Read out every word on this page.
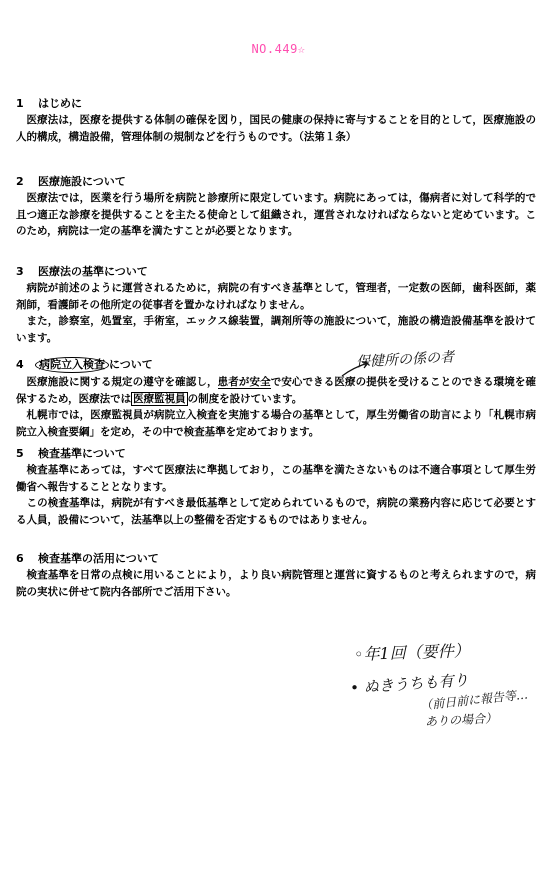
NO.449☆
1	はじめに

医療法は，医療を提供する体制の確保を図り，国民の健康の保持に寄与することを目的として，医療施設の人的構成，構造設備，管理体制の規制などを行うものです。（法第１条）

2	医療施設について

医療法では，医業を行う場所を病院と診療所に限定しています。病院にあっては，傷病者に対して科学的で且つ適正な診療を提供することを主たる使命として組織され，運営されなければならないと定めています。このため，病院は一定の基準を満たすことが必要となります。

3	医療法の基準について

病院が前述のように運営されるために，病院の有すべき基準として，管理者，一定数の医師，歯科医師，薬剤師，看護師その他所定の従事者を置かなければなりません。

また，診察室，処置室，手術室，エックス線装置，調剤所等の施設について，施設の構造設備基準を設けています。

4	病院立入検査 について

医療施設に関する規定の遵守を確認し，患者が安全で安心できる医療の提供を受けることのできる環境を確保するため，医療法では 医療監視員 の制度を設けています。

札幌市では，医療監視員が病院立入検査を実施する場合の基準として，厚生労働省の助言により「札幌市病院立入検査要綱」を定め，その中で検査基準を定めております。

5	検査基準について

検査基準にあっては，すべて医療法に準拠しており，この基準を満たさないものは不適合事項として厚生労働省へ報告することとなります。

この検査基準は，病院が有すべき最低基準として定められているもので，病院の業務内容に応じて必要とする人員，設備について，法基準以上の整備を否定するものではありません。

6	検査基準の活用について

検査基準を日常の点検に用いることにより，より良い病院管理と運営に資するものと考えられますので，病院の実状に併せて院内各部所でご活用下さい。

保健所の係の者
◦年1回（要件）
• ぬきうちも有り
（前日前に報告等…
ありの場合）
